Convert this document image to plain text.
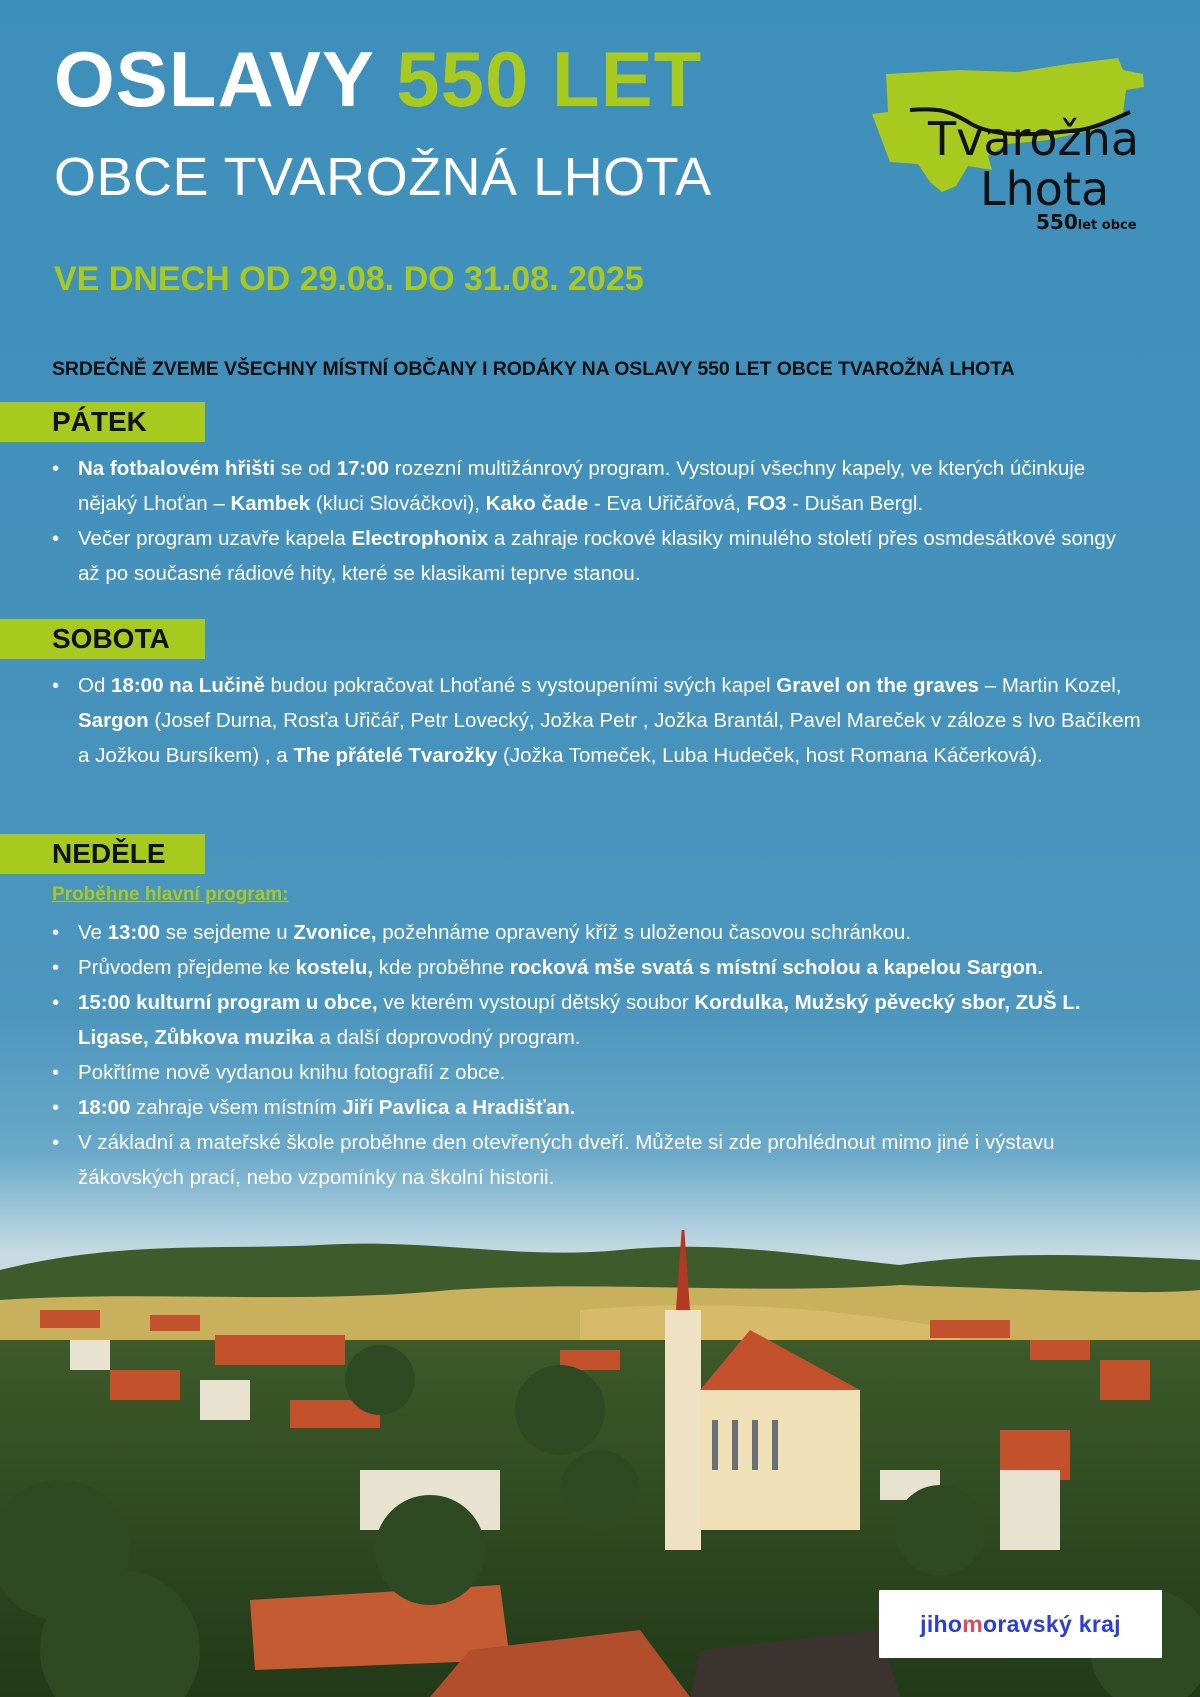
OSLAVY 550 LET
OBCE TVAROŽNÁ LHOTA
VE DNECH OD 29.08. DO 31.08. 2025
Tvarožna
Lhota
550let obce
SRDEČNĚ ZVEME VŠECHNY MÍSTNÍ OBČANY I RODÁKY NA OSLAVY 550 LET OBCE TVAROŽNÁ LHOTA
PÁTEK
• Na fotbalovém hřišti se od 17:00 rozezní multižánrový program. Vystoupí všechny kapely, ve kterých účinkuje nějaký Lhoťan – Kambek (kluci Slováčkovi), Kako čade - Eva Uřičářová, FO3 - Dušan Bergl.
• Večer program uzavře kapela Electrophonix a zahraje rockové klasiky minulého století přes osmdesátkové songy až po současné rádiové hity, které se klasikami teprve stanou.
SOBOTA
• Od 18:00 na Lučině budou pokračovat Lhoťané s vystoupeními svých kapel Gravel on the graves – Martin Kozel, Sargon (Josef Durna, Rosťa Uřičář, Petr Lovecký, Jožka Petr , Jožka Brantál, Pavel Mareček v záloze s Ivo Bačíkem a Jožkou Bursíkem) , a The přátelé Tvarožky (Jožka Tomeček, Luba Hudeček, host Romana Káčerková).
NEDĚLE
Proběhne hlavní program:
• Ve 13:00 se sejdeme u Zvonice, požehnáme opravený kříž s uloženou časovou schránkou.
• Průvodem přejdeme ke kostelu, kde proběhne rocková mše svatá s místní scholou a kapelou Sargon.
• 15:00 kulturní program u obce, ve kterém vystoupí dětský soubor Kordulka, Mužský pěvecký sbor, ZUŠ L. Ligase, Zůbkova muzika a další doprovodný program.
• Pokřtíme nově vydanou knihu fotografií z obce.
• 18:00 zahraje všem místním Jiří Pavlica a Hradišťan.
• V základní a mateřské škole proběhne den otevřených dveří. Můžete si zde prohlédnout mimo jiné i výstavu žákovských prací, nebo vzpomínky na školní historii.
jiho m oravský kraj
